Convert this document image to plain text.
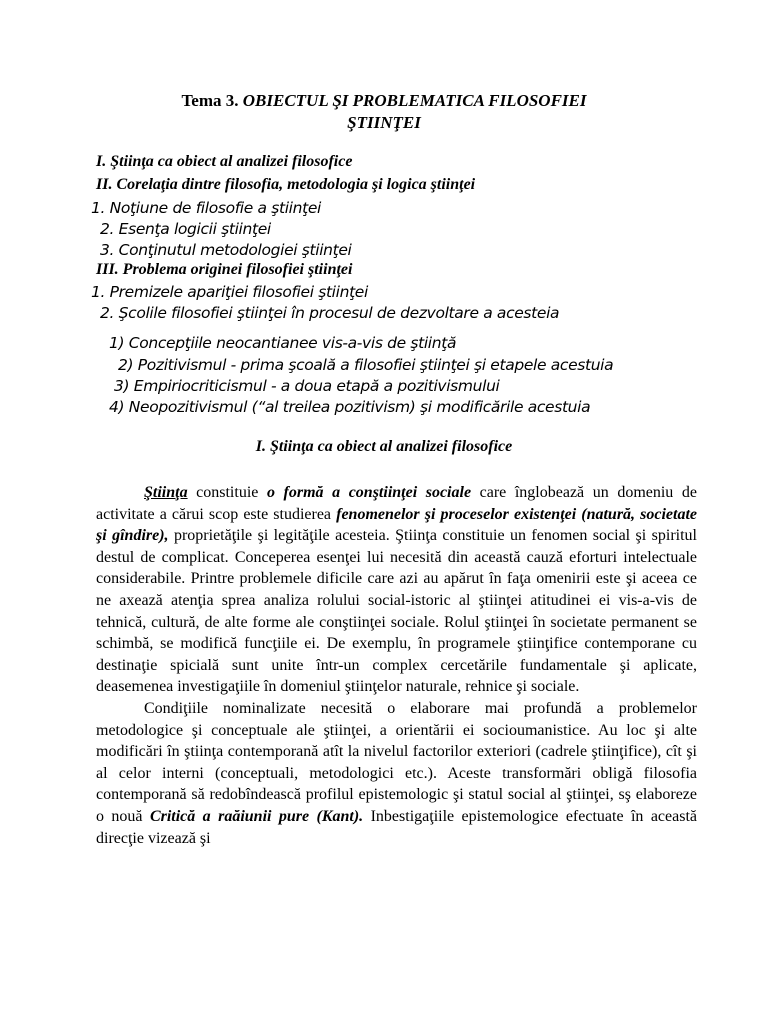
Tema 3. OBIECTUL ŞI PROBLEMATICA FILOSOFIEI
ŞTIINŢEI
I. Ştiinţa ca obiect al analizei filosofice
II. Corelaţia dintre filosofia, metodologia şi logica ştiinţei
1. Noţiune de filosofie a ştiinţei
2. Esenţa logicii ştiinţei
3. Conţinutul metodologiei ştiinţei
III. Problema originei filosofiei ştiinţei
1. Premizele apariţiei filosofiei ştiinţei
2. Şcolile filosofiei ştiinţei în procesul de dezvoltare a acesteia
1) Concepţiile neocantianee vis-a-vis de ştiinţă
2) Pozitivismul - prima şcoală a filosofiei ştiinţei şi etapele acestuia
3) Empiriocriticismul - a doua etapă a pozitivismului
4) Neopozitivismul (“al treilea pozitivism) şi modificările acestuia
I. Ştiinţa ca obiect al analizei filosofice

Ştiinţa constituie o formă a conştiinţei sociale care înglobează un domeniu de activitate a cărui scop este studierea fenomenelor şi proceselor existenţei (natură, societate şi gîndire), proprietăţile şi legităţile acesteia. Ştiinţa constituie un fenomen social şi spiritul destul de complicat. Conceperea esenţei lui necesită din această cauză eforturi intelectuale considerabile. Printre problemele dificile care azi au apărut în faţa omenirii este şi aceea ce ne axează atenţia spreа analiza rolului social-istoric al ştiinţei atitudinei ei vis-a-vis de tehnică, cultură, de alte forme ale conştiinţei sociale. Rolul ştiinţei în societate permanent se schimbă, se modifică funcţiile ei. De exemplu, în programele ştiinţifice contemporane cu destinaţie spicială sunt unite într-un complex cercetările fundamentale şi aplicate, deasemenea investigaţiile în domeniul ştiinţelor naturale, rehnice şi sociale.

Condiţiile nominalizate necesită o elaborare mai profundă a problemelor metodologice şi conceptuale ale ştiinţei, a orientării ei socioumanistice. Au loc şi alte modificări în ştiinţa contemporană atît la nivelul factorilor exteriori (cadrele ştiinţifice), cît şi al celor interni (conceptuali, metodologici etc.). Aceste transformări obligă filosofia contemporană să redobîndească profilul epistemologic şi statul social al ştiinţei, sş elaboreze o nouă Critică a raăiunii pure (Kant). Inbestigaţiile epistemologice efectuate în această direcţie vizează şi
